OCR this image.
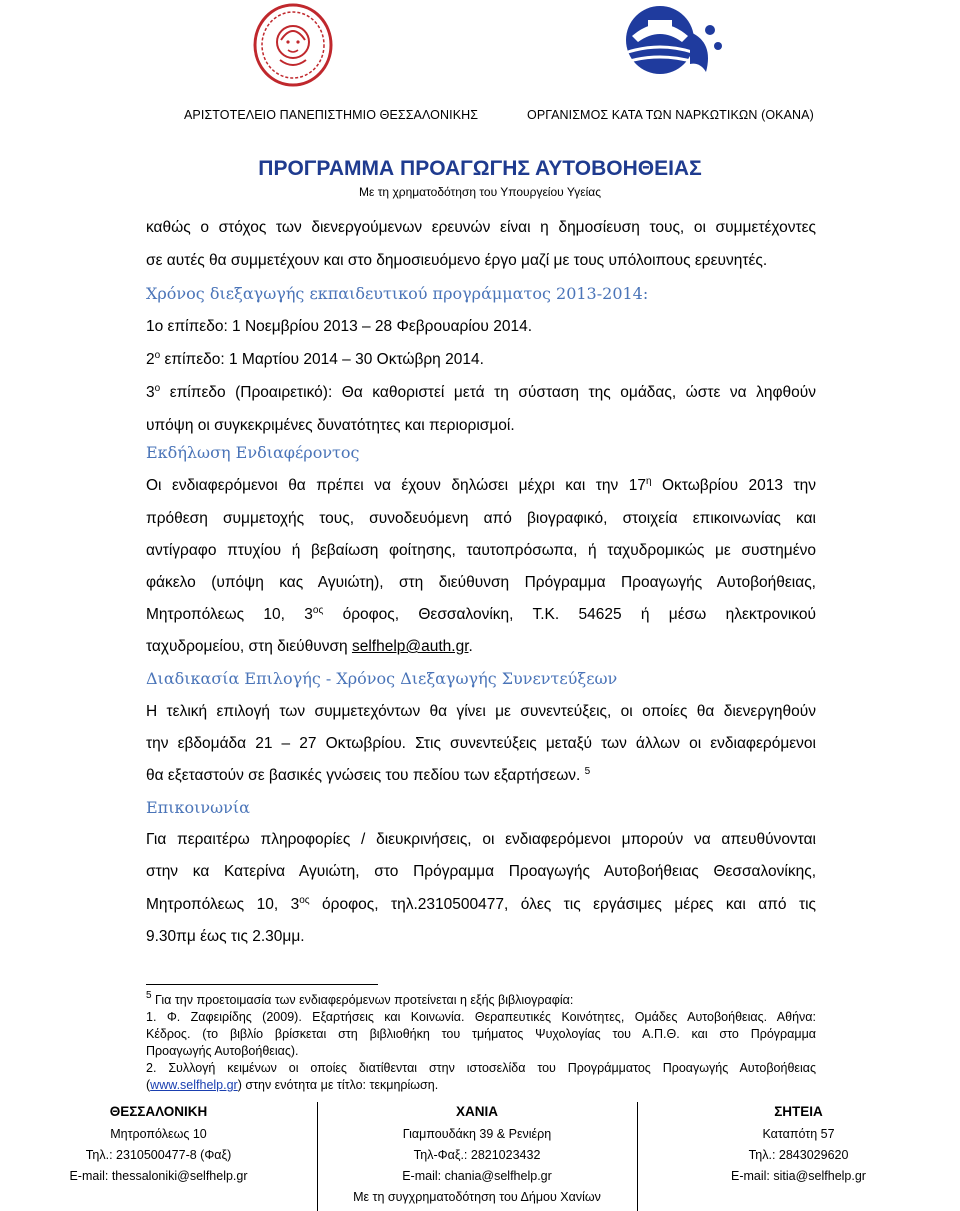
ΑΡΙΣΤΟΤΕΛΕΙΟ ΠΑΝΕΠΙΣΤΗΜΙΟ ΘΕΣΣΑΛΟΝΙΚΗΣ	ΟΡΓΑΝΙΣΜΟΣ ΚΑΤΑ ΤΩΝ ΝΑΡΚΩΤΙΚΩΝ (ΟΚΑΝΑ)
ΠΡΟΓΡΑΜΜΑ ΠΡΟΑΓΩΓΗΣ ΑΥΤΟΒΟΗΘΕΙΑΣ
Με τη χρηματοδότηση του Υπουργείου Υγείας
καθώς ο στόχος των διενεργούμενων ερευνών είναι η δημοσίευση τους, οι συμμετέχοντες
σε αυτές θα συμμετέχουν και στο δημοσιευόμενο έργο μαζί με τους υπόλοιπους ερευνητές.
Χρόνος διεξαγωγής εκπαιδευτικού προγράμματος 2013-2014:
1ο επίπεδο: 1 Νοεμβρίου 2013 – 28 Φεβρουαρίου 2014.
$2^o$ επίπεδο: 1 Μαρτίου 2014 – 30 Οκτώβρη 2014.
$3^o$ επίπεδο (Προαιρετικό): Θα καθοριστεί μετά τη σύσταση της ομάδας, ώστε να ληφθούν
υπόψη οι συγκεκριμένες δυνατότητες και περιορισμοί.
Εκδήλωση Ενδιαφέροντος
Οι ενδιαφερόμενοι θα πρέπει να έχουν δηλώσει μέχρι και την $17^\eta$ Οκτωβρίου 2013 την
πρόθεση συμμετοχής τους, συνοδευόμενη από βιογραφικό, στοιχεία επικοινωνίας και
αντίγραφο πτυχίου ή βεβαίωση φοίτησης, ταυτοπρόσωπα, ή ταχυδρομικώς με συστημένο
φάκελο (υπόψη κας Αγυιώτη), στη διεύθυνση Πρόγραμμα Προαγωγής Αυτοβοήθειας,
Μητροπόλεως 10, $3^{o\varsigma}$ όροφος, Θεσσαλονίκη, Τ.Κ. 54625 ή μέσω ηλεκτρονικού
ταχυδρομείου, στη διεύθυνση selfhelp@auth.gr.
Διαδικασία Επιλογής - Χρόνος Διεξαγωγής Συνεντεύξεων
Η τελική επιλογή των συμμετεχόντων θα γίνει με συνεντεύξεις, οι οποίες θα διενεργηθούν
την εβδομάδα 21 – 27 Οκτωβρίου. Στις συνεντεύξεις μεταξύ των άλλων οι ενδιαφερόμενοι
θα εξεταστούν σε βασικές γνώσεις του πεδίου των εξαρτήσεων. $^5$
Επικοινωνία
Για περαιτέρω πληροφορίες / διευκρινήσεις, οι ενδιαφερόμενοι μπορούν να απευθύνονται
στην κα Κατερίνα Αγυιώτη, στο Πρόγραμμα Προαγωγής Αυτοβοήθειας Θεσσαλονίκης,
Μητροπόλεως 10, $3^{o\varsigma}$ όροφος, τηλ.2310500477, όλες τις εργάσιμες μέρες και από τις
9.30πμ έως τις 2.30μμ.
$^5$ Για την προετοιμασία των ενδιαφερόμενων προτείνεται η εξής βιβλιογραφία:
1. Φ. Ζαφειρίδης (2009). Εξαρτήσεις και Κοινωνία. Θεραπευτικές Κοινότητες, Ομάδες Αυτοβοήθειας. Αθήνα:
Κέδρος. (το βιβλίο βρίσκεται στη βιβλιοθήκη του τμήματος Ψυχολογίας του Α.Π.Θ. και στο Πρόγραμμα
Προαγωγής Αυτοβοήθειας).
2. Συλλογή κειμένων οι οποίες διατίθενται στην ιστοσελίδα του Προγράμματος Προαγωγής Αυτοβοήθειας
(www.selfhelp.gr) στην ενότητα με τίτλο: τεκμηρίωση.
ΘΕΣΣΑΛΟΝΙΚΗ
Μητροπόλεως 10
Τηλ.: 2310500477-8 (Φαξ)
E-mail: thessaloniki@selfhelp.gr
ΧΑΝΙΑ
Γιαμπουδάκη 39 & Ρενιέρη
Τηλ-Φαξ.: 2821023432
E-mail: chania@selfhelp.gr
Με τη συγχρηματοδότηση του Δήμου Χανίων
ΣΗΤΕΙΑ
Καταπότη 57
Τηλ.: 2843029620
E-mail: sitia@selfhelp.gr
